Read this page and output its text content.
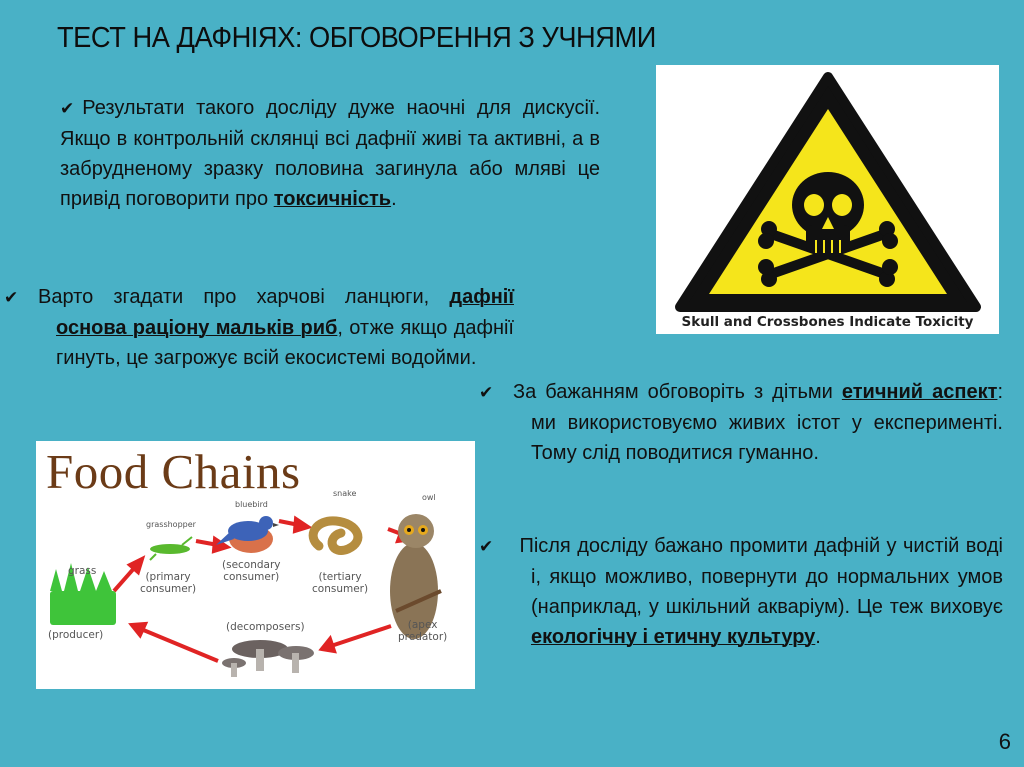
ТЕСТ НА ДАФНІЯХ: ОБГОВОРЕННЯ З УЧНЯМИ

✔ Результати такого досліду дуже наочні для дискусії. Якщо в контрольній склянці всі дафнії живі та активні, а в забрудненому зразку половина загинула або мляві це привід поговорити про токсичність.

✔ Варто згадати про харчові ланцюги, дафнії основа раціону мальків риб, отже якщо дафнії гинуть, це загрожує всій екосистемі водойми.

✔ За бажанням обговоріть з дітьми етичний аспект: ми використовуємо живих істот у експерименті. Тому слід поводитися гуманно.

✔ Після досліду бажано промити дафній у чистій воді і, якщо можливо, повернути до нормальних умов (наприклад, у шкільний акваріум). Це теж виховує екологічну і етичну культуру.

Skull and Crossbones Indicate Toxicity
Food Chains
grass
(producer)
grasshopper
(primary
consumer)
bluebird
(secondary
consumer)
snake
(tertiary
consumer)
owl
(apex
predator)
(decomposers)
6
